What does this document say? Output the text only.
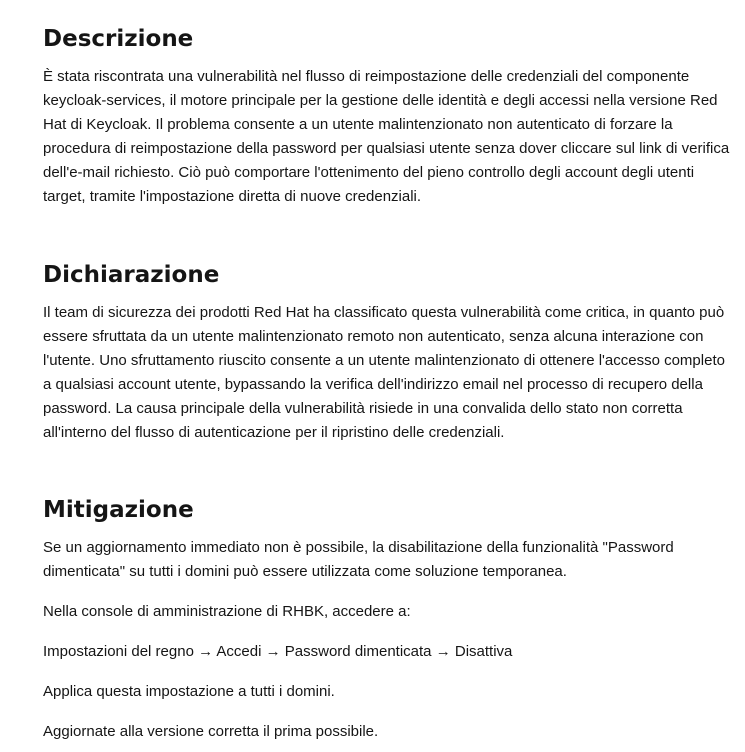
Descrizione

È stata riscontrata una vulnerabilità nel flusso di reimpostazione delle credenziali del componente keycloak-services, il motore principale per la gestione delle identità e degli accessi nella versione Red Hat di Keycloak. Il problema consente a un utente malintenzionato non autenticato di forzare la procedura di reimpostazione della password per qualsiasi utente senza dover cliccare sul link di verifica dell'e-mail richiesto. Ciò può comportare l'ottenimento del pieno controllo degli account degli utenti target, tramite l'impostazione diretta di nuove credenziali.

Dichiarazione

Il team di sicurezza dei prodotti Red Hat ha classificato questa vulnerabilità come critica, in quanto può essere sfruttata da un utente malintenzionato remoto non autenticato, senza alcuna interazione con l'utente. Uno sfruttamento riuscito consente a un utente malintenzionato di ottenere l'accesso completo a qualsiasi account utente, bypassando la verifica dell'indirizzo email nel processo di recupero della password. La causa principale della vulnerabilità risiede in una convalida dello stato non corretta all'interno del flusso di autenticazione per il ripristino delle credenziali.

Mitigazione

Se un aggiornamento immediato non è possibile, la disabilitazione della funzionalità "Password dimenticata" su tutti i domini può essere utilizzata come soluzione temporanea.

Nella console di amministrazione di RHBK, accedere a:

Impostazioni del regno → Accedi → Password dimenticata → Disattiva

Applica questa impostazione a tutti i domini.

Aggiornate alla versione corretta il prima possibile.
